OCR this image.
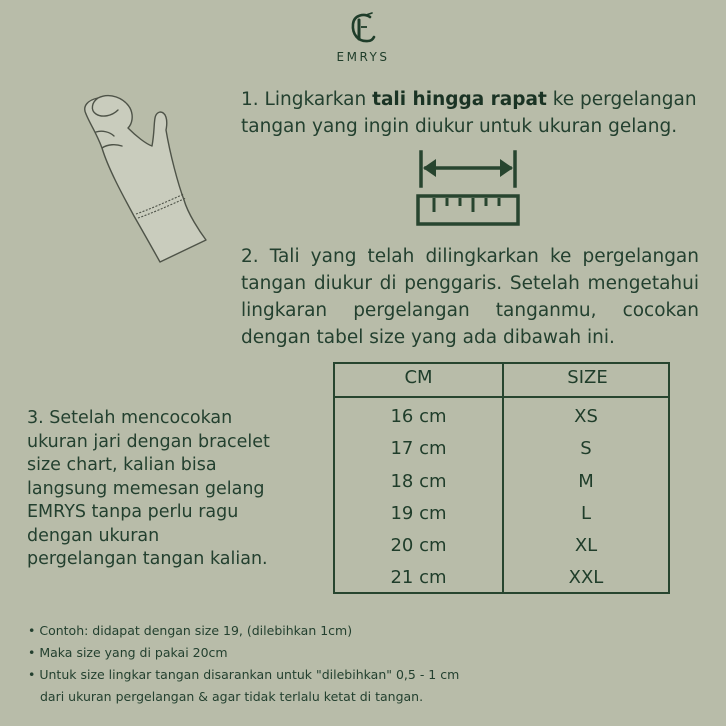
EMRYS
1. Lingkarkan tali hingga rapat ke pergelangan tangan yang ingin diukur untuk ukuran gelang.
2. Tali yang telah dilingkarkan ke pergelangan
tangan diukur di penggaris. Setelah mengetahui
lingkaran pergelangan tanganmu, cocokan
dengan tabel size yang ada dibawah ini.
CM	SIZE
16 cm	XS
17 cm	S
18 cm	M
19 cm	L
20 cm	XL
21 cm	XXL
3. Setelah mencocokan
ukuran jari dengan bracelet
size chart, kalian bisa
langsung memesan gelang
EMRYS tanpa perlu ragu
dengan ukuran
pergelangan tangan kalian.
• Contoh: didapat dengan size 19, (dilebihkan 1cm)
• Maka size yang di pakai 20cm
• Untuk size lingkar tangan disarankan untuk "dilebihkan" 0,5 - 1 cm
dari ukuran pergelangan & agar tidak terlalu ketat di tangan.
